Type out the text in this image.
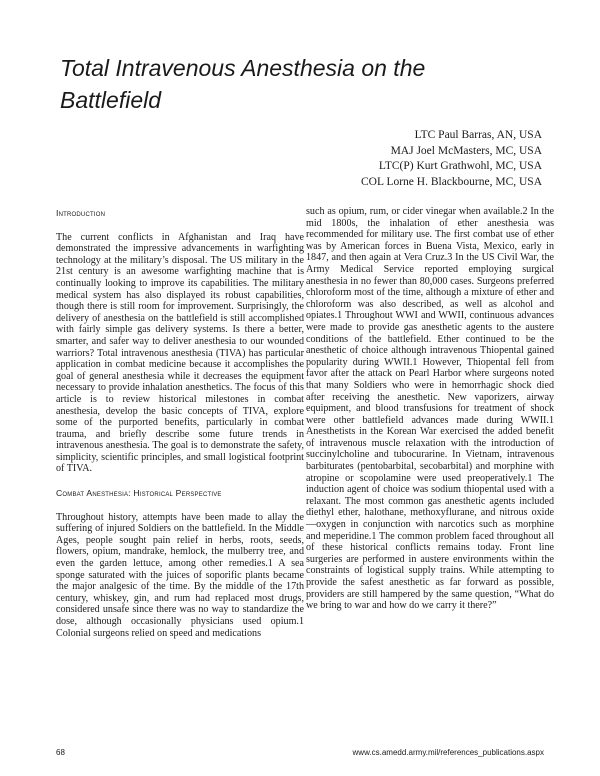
Total Intravenous Anesthesia on the
Battlefield
LTC Paul Barras, AN, USA
MAJ Joel McMasters, MC, USA
LTC(P) Kurt Grathwohl, MC, USA
COL Lorne H. Blackbourne, MC, USA
Introduction

The current conflicts in Afghanistan and Iraq have demonstrated the impressive advancements in warfighting technology at the military’s disposal. The US military in the 21st century is an awesome warfighting machine that is continually looking to improve its capabilities. The military medical system has also displayed its robust capabilities, though there is still room for improvement. Surprisingly, the delivery of anesthesia on the battlefield is still accomplished with fairly simple gas delivery systems. Is there a better, smarter, and safer way to deliver anesthesia to our wounded warriors? Total intravenous anesthesia (TIVA) has particular application in combat medicine because it accomplishes the goal of general anesthesia while it decreases the equipment necessary to provide inhalation anesthetics. The focus of this article is to review historical milestones in combat anesthesia, develop the basic concepts of TIVA, explore some of the purported benefits, particularly in combat trauma, and briefly describe some future trends in intravenous anesthesia. The goal is to demonstrate the safety, simplicity, scientific principles, and small logistical footprint of TIVA.

Combat Anesthesia: Historical Perspective

Throughout history, attempts have been made to allay the suffering of injured Soldiers on the battlefield. In the Middle Ages, people sought pain relief in herbs, roots, seeds, flowers, opium, mandrake, hemlock, the mulberry tree, and even the garden lettuce, among other remedies.1 A sea sponge saturated with the juices of soporific plants became the major analgesic of the time. By the middle of the 17th century, whiskey, gin, and rum had replaced most drugs, considered unsafe since there was no way to standardize the dose, although occasionally physicians used opium.1 Colonial surgeons relied on speed and medications

such as opium, rum, or cider vinegar when available.2 In the mid 1800s, the inhalation of ether anesthesia was recommended for military use. The first combat use of ether was by American forces in Buena Vista, Mexico, early in 1847, and then again at Vera Cruz.3 In the US Civil War, the Army Medical Service reported employing surgical anesthesia in no fewer than 80,000 cases. Surgeons preferred chloroform most of the time, although a mixture of ether and chloroform was also described, as well as alcohol and opiates.1 Throughout WWI and WWII, continuous advances were made to provide gas anesthetic agents to the austere conditions of the battlefield. Ether continued to be the anesthetic of choice although intravenous Thiopental gained popularity during WWII.1 However, Thiopental fell from favor after the attack on Pearl Harbor where surgeons noted that many Soldiers who were in hemorrhagic shock died after receiving the anesthetic. New vaporizers, airway equipment, and blood transfusions for treatment of shock were other battlefield advances made during WWII.1 Anesthetists in the Korean War exercised the added benefit of intravenous muscle relaxation with the introduction of succinylcholine and tubocurarine. In Vietnam, intravenous barbiturates (pentobarbital, secobarbital) and morphine with atropine or scopolamine were used preoperatively.1 The induction agent of choice was sodium thiopental used with a relaxant. The most common gas anesthetic agents included diethyl ether, halothane, methoxyflurane, and nitrous oxide—oxygen in conjunction with narcotics such as morphine and meperidine.1 The common problem faced throughout all of these historical conflicts remains today. Front line surgeries are performed in austere environments within the constraints of logistical supply trains. While attempting to provide the safest anesthetic as far forward as possible, providers are still hampered by the same question, “What do we bring to war and how do we carry it there?”

68	www.cs.amedd.army.mil/references_publications.aspx
